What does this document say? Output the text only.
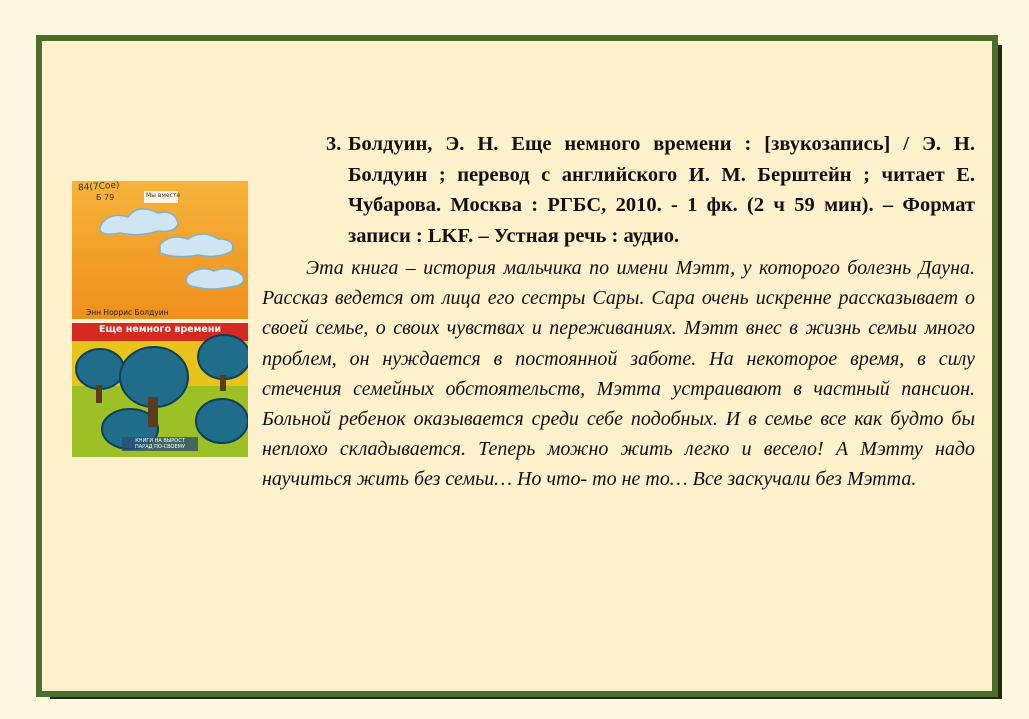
84(7Сое)
Б 79	Мы вместе
Энн Норрис Болдуин
Еще немного времени
КНИГИ НА ВЫРОСТ
ПАРАД ПО-СВОЕМУ
3. Болдуин, Э. Н. Еще немного времени : [звукозапись] / Э. Н. Болдуин ; перевод с английского И. М. Берштейн ; читает Е. Чубарова. Москва : РГБС, 2010. - 1 фк. (2 ч 59 мин). – Формат записи : LKF. – Устная речь : аудио.
Эта книга – история мальчика по имени Мэтт, у которого болезнь Дауна. Рассказ ведется от лица его сестры Сары. Сара очень искренне рассказывает о своей семье, о своих чувствах и переживаниях. Мэтт внес в жизнь семьи много проблем, он нуждается в постоянной заботе. На некоторое время, в силу стечения семейных обстоятельств, Мэтта устраивают в частный пансион. Больной ребенок оказывается среди себе подобных. И в семье все как будто бы неплохо складывается. Теперь можно жить легко и весело! А Мэтту надо научиться жить без семьи… Но что- то не то… Все заскучали без Мэтта.
